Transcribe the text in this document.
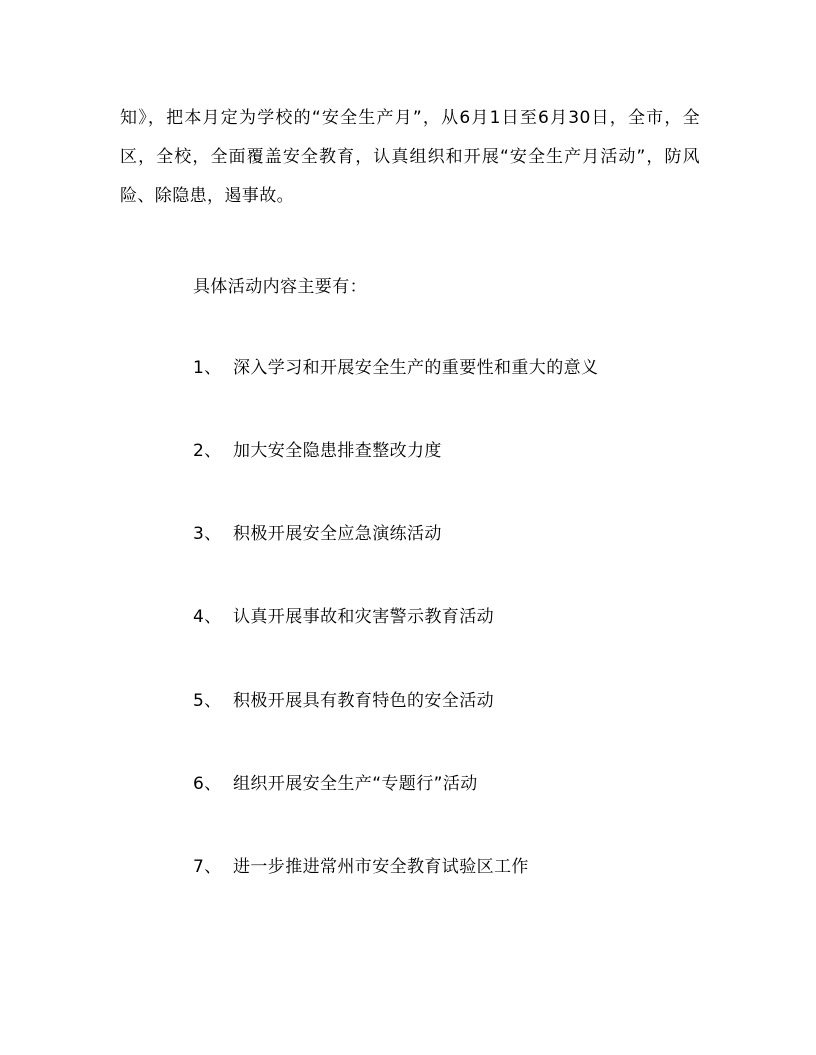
知》，把本月定为学校的“安全生产月”，从6月1日至6月30日，全市，全区，全校，全面覆盖安全教育，认真组织和开展“安全生产月活动”，防风险、除隐患，遏事故。
具体活动内容主要有：
1、 深入学习和开展安全生产的重要性和重大的意义
2、 加大安全隐患排查整改力度
3、 积极开展安全应急演练活动
4、 认真开展事故和灾害警示教育活动
5、 积极开展具有教育特色的安全活动
6、 组织开展安全生产“专题行”活动
7、 进一步推进常州市安全教育试验区工作
